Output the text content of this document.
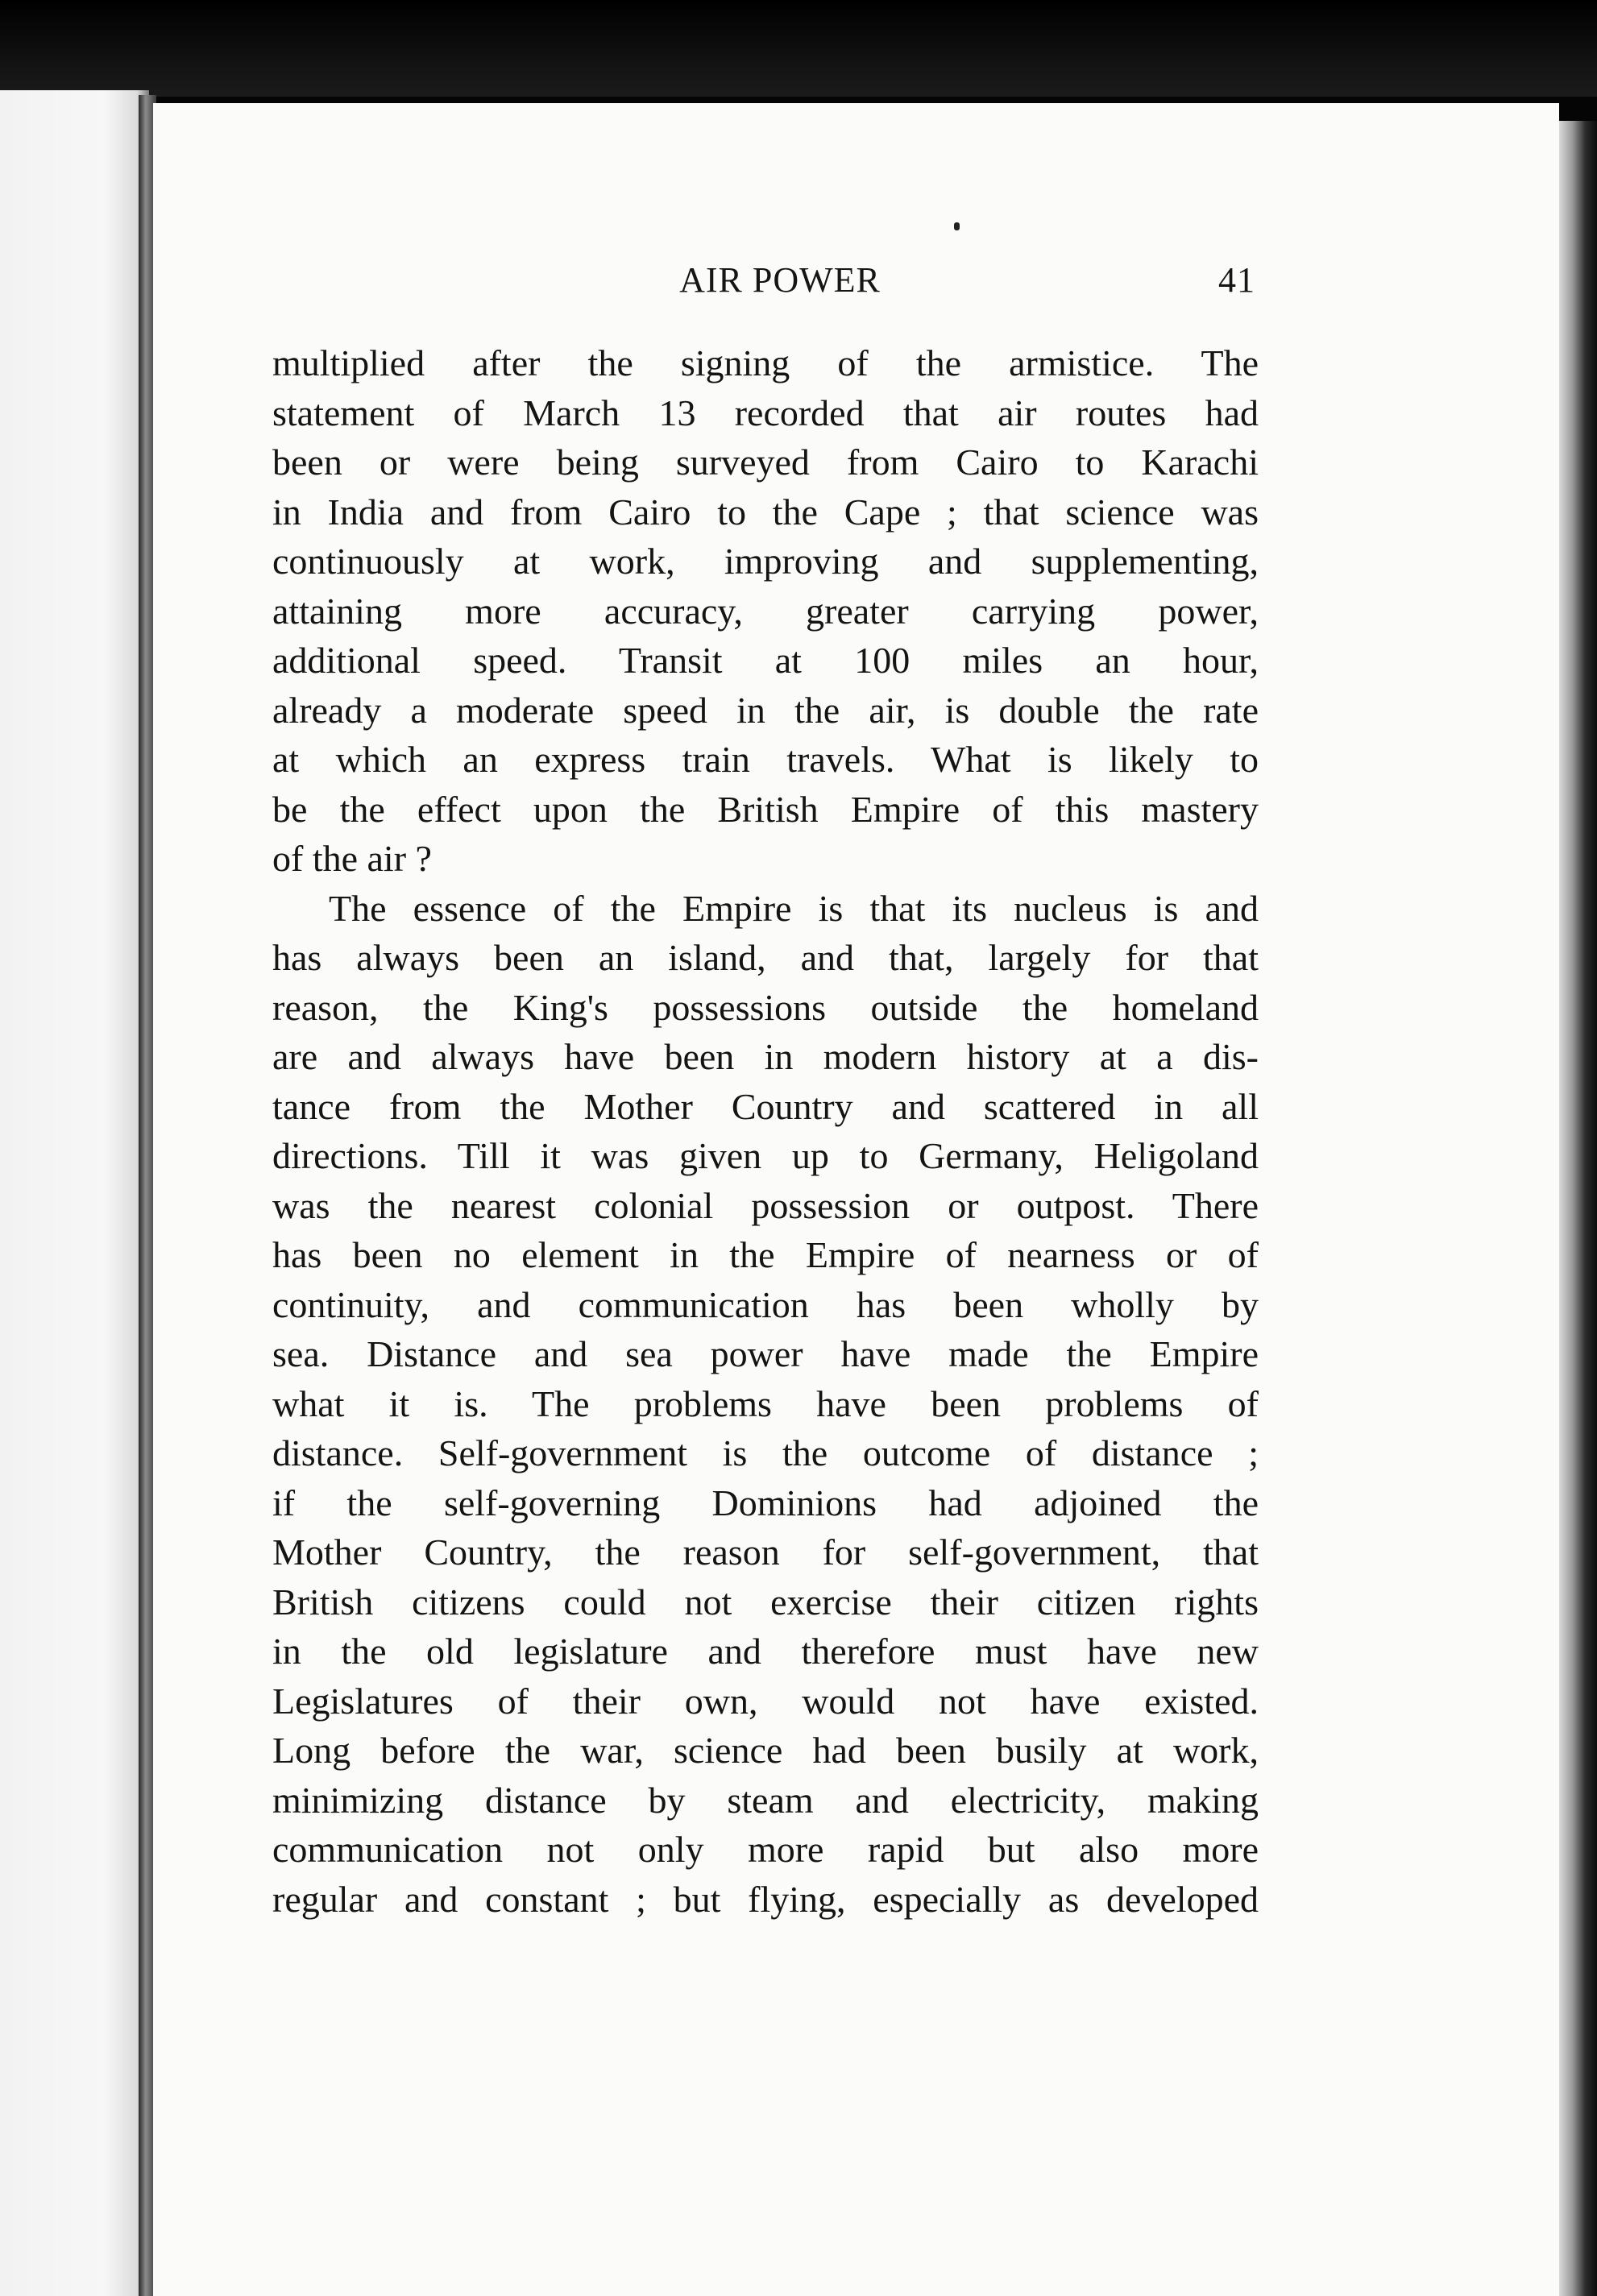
AIR POWER	41
multiplied after the signing of the armistice. The
statement of March 13 recorded that air routes had
been or were being surveyed from Cairo to Karachi
in India and from Cairo to the Cape ; that science was
continuously at work, improving and supplementing,
attaining more accuracy, greater carrying power,
additional speed. Transit at 100 miles an hour,
already a moderate speed in the air, is double the rate
at which an express train travels. What is likely to
be the effect upon the British Empire of this mastery
of the air ?
The essence of the Empire is that its nucleus is and
has always been an island, and that, largely for that
reason, the King's possessions outside the homeland
are and always have been in modern history at a dis-
tance from the Mother Country and scattered in all
directions. Till it was given up to Germany, Heligoland
was the nearest colonial possession or outpost. There
has been no element in the Empire of nearness or of
continuity, and communication has been wholly by
sea. Distance and sea power have made the Empire
what it is. The problems have been problems of
distance. Self-government is the outcome of distance ;
if the self-governing Dominions had adjoined the
Mother Country, the reason for self-government, that
British citizens could not exercise their citizen rights
in the old legislature and therefore must have new
Legislatures of their own, would not have existed.
Long before the war, science had been busily at work,
minimizing distance by steam and electricity, making
communication not only more rapid but also more
regular and constant ; but flying, especially as developed
